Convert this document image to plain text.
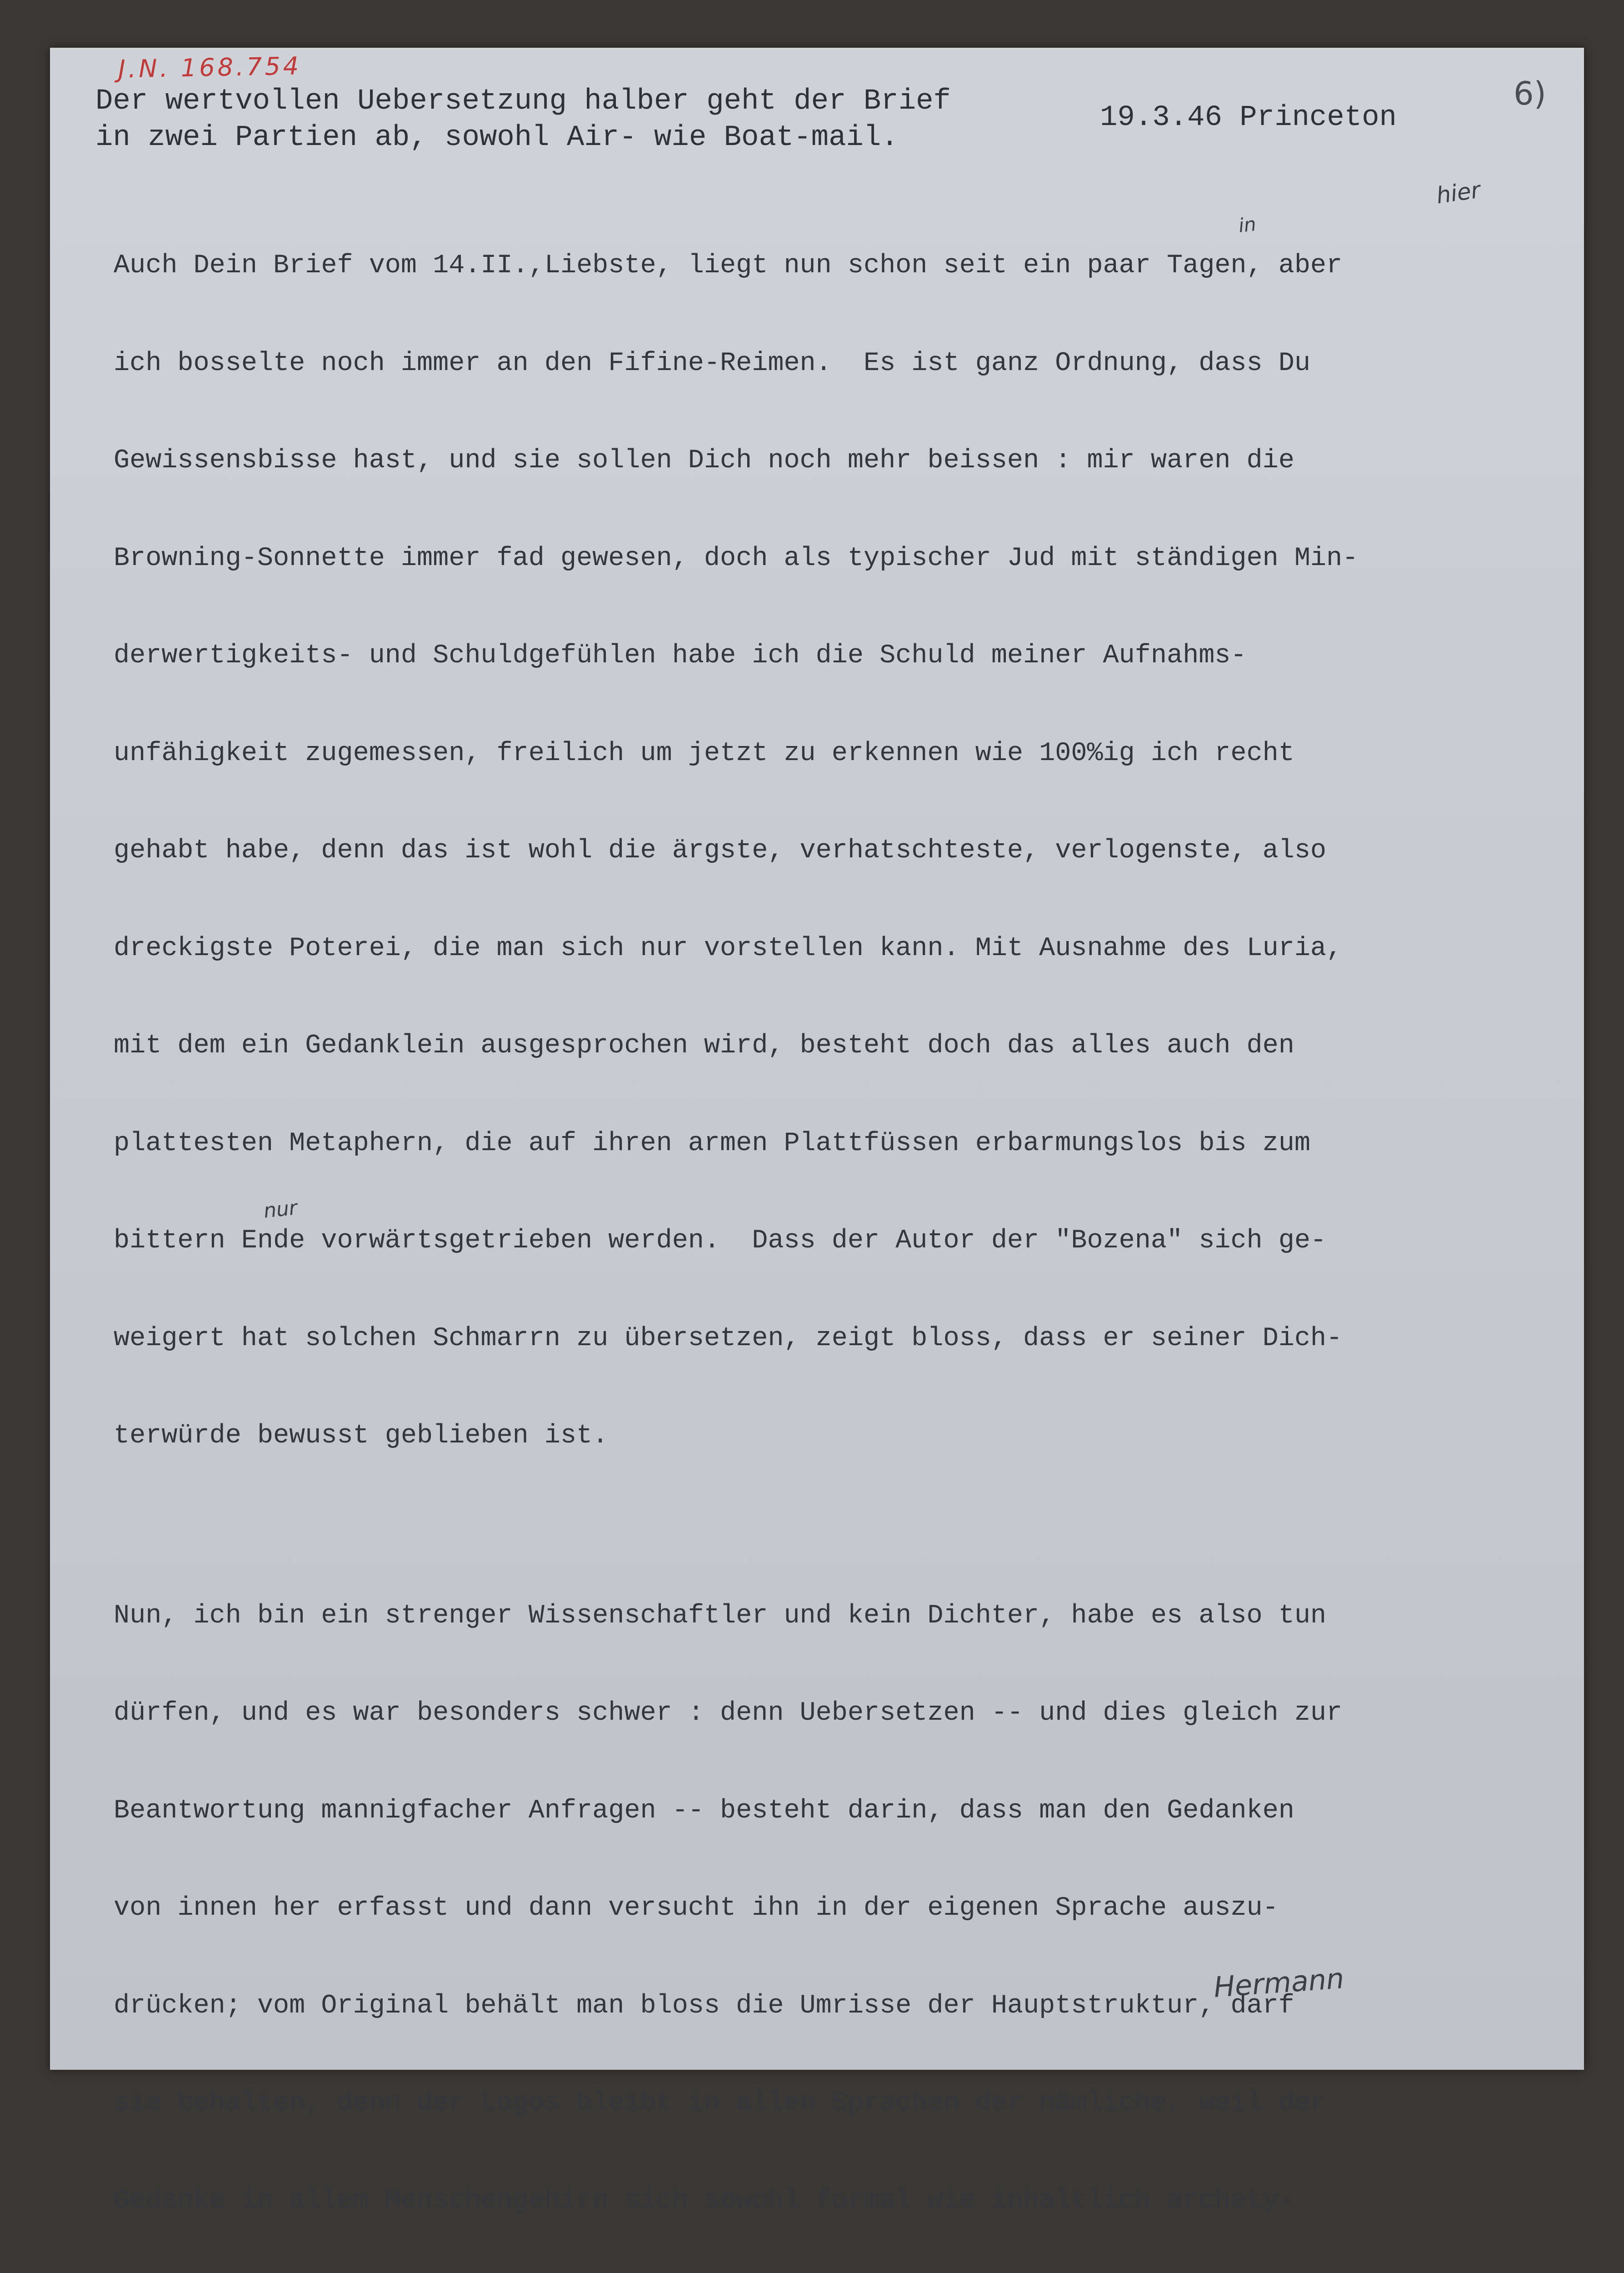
J.N. 168.754
6)
Der wertvollen Uebersetzung halber geht der Brief
in zwei Partien ab, sowohl Air- wie Boat-mail.
19.3.46 Princeton

Auch Dein Brief vom 14.II.,Liebste, liegt nun schon seit ein paar Tagen, aber

ich bosselte noch immer an den Fifine-Reimen.  Es ist ganz Ordnung, dass Du

Gewissensbisse hast, und sie sollen Dich noch mehr beissen : mir waren die

Browning-Sonnette immer fad gewesen, doch als typischer Jud mit ständigen Min-

derwertigkeits- und Schuldgefühlen habe ich die Schuld meiner Aufnahms-

unfähigkeit zugemessen, freilich um jetzt zu erkennen wie 100%ig ich recht

gehabt habe, denn das ist wohl die ärgste, verhatschteste, verlogenste, also

dreckigste Poterei, die man sich nur vorstellen kann. Mit Ausnahme des Luria,

mit dem ein Gedanklein ausgesprochen wird, besteht doch das alles auch den

plattesten Metaphern, die auf ihren armen Plattfüssen erbarmungslos bis zum

bittern Ende vorwärtsgetrieben werden.  Dass der Autor der "Bozena" sich ge-

weigert hat solchen Schmarrn zu übersetzen, zeigt bloss, dass er seiner Dich-

terwürde bewusst geblieben ist.

Nun, ich bin ein strenger Wissenschaftler und kein Dichter, habe es also tun

dürfen, und es war besonders schwer : denn Uebersetzen -- und dies gleich zur

Beantwortung mannigfacher Anfragen -- besteht darin, dass man den Gedanken

von innen her erfasst und dann versucht ihn in der eigenen Sprache auszu-

drücken; vom Original behält man bloss die Umrisse der Hauptstruktur, darf

sie behalten, denn der Logos bleibt in allen Sprachen der nämliche, weil der

Gedanke in allem Menschengehirn sich sowohl formal wie inhaltlich archety-

hier
in
nur
Hermann
